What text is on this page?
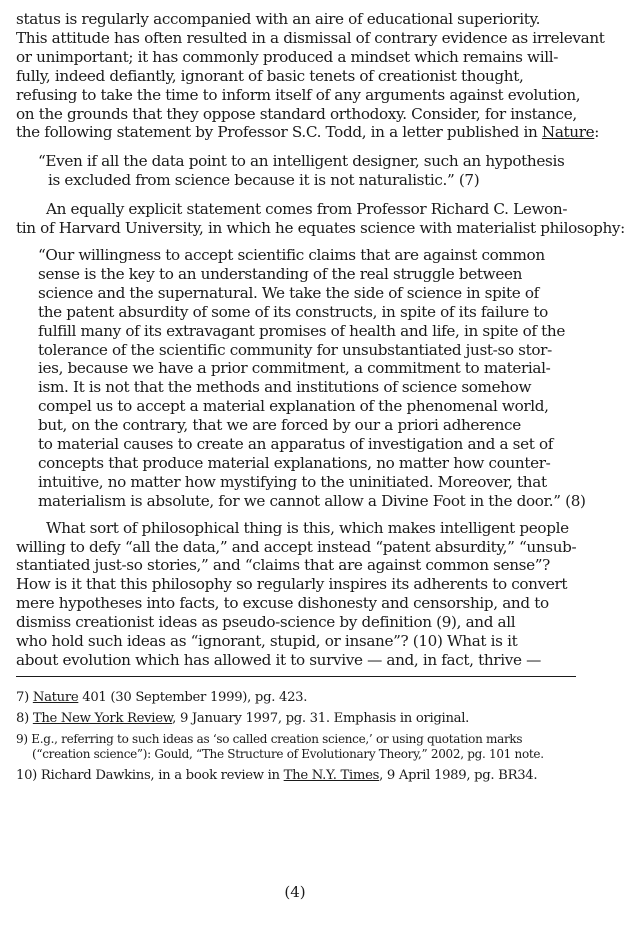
status is regularly accompanied with an aire of educational superiority.
This attitude has often resulted in a dismissal of contrary evidence as irrelevant
or unimportant; it has commonly produced a mindset which remains will-
fully, indeed defiantly, ignorant of basic tenets of creationist thought,
refusing to take the time to inform itself of any arguments against evolution,
on the grounds that they oppose standard orthodoxy. Consider, for instance,
the following statement by Professor S.C. Todd, in a letter published in Nature:
“Even if all the data point to an intelligent designer, such an hypothesis
is excluded from science because it is not naturalistic.” (7)
An equally explicit statement comes from Professor Richard C. Lewon-
tin of Harvard University, in which he equates science with materialist philosophy:
“Our willingness to accept scientific claims that are against common
sense is the key to an understanding of the real struggle between
science and the supernatural. We take the side of science in spite of
the patent absurdity of some of its constructs, in spite of its failure to
fulfill many of its extravagant promises of health and life, in spite of the
tolerance of the scientific community for unsubstantiated just-so stor-
ies, because we have a prior commitment, a commitment to material-
ism. It is not that the methods and institutions of science somehow
compel us to accept a material explanation of the phenomenal world,
but, on the contrary, that we are forced by our a priori adherence
to material causes to create an apparatus of investigation and a set of
concepts that produce material explanations, no matter how counter-
intuitive, no matter how mystifying to the uninitiated. Moreover, that
materialism is absolute, for we cannot allow a Divine Foot in the door.” (8)
What sort of philosophical thing is this, which makes intelligent people
willing to defy “all the data,” and accept instead “patent absurdity,” “unsub-
stantiated just-so stories,” and “claims that are against common sense”?
How is it that this philosophy so regularly inspires its adherents to convert
mere hypotheses into facts, to excuse dishonesty and censorship, and to
dismiss creationist ideas as pseudo-science by definition (9), and all
who hold such ideas as “ignorant, stupid, or insane”? (10) What is it
about evolution which has allowed it to survive — and, in fact, thrive —
7) Nature 401 (30 September 1999), pg. 423.
8) The New York Review, 9 January 1997, pg. 31. Emphasis in original.
9) E.g., referring to such ideas as ‘so called creation science,’ or using quotation marks
(“creation science”): Gould, “The Structure of Evolutionary Theory,” 2002, pg. 101 note.
10) Richard Dawkins, in a book review in The N.Y. Times, 9 April 1989, pg. BR34.
(4)
